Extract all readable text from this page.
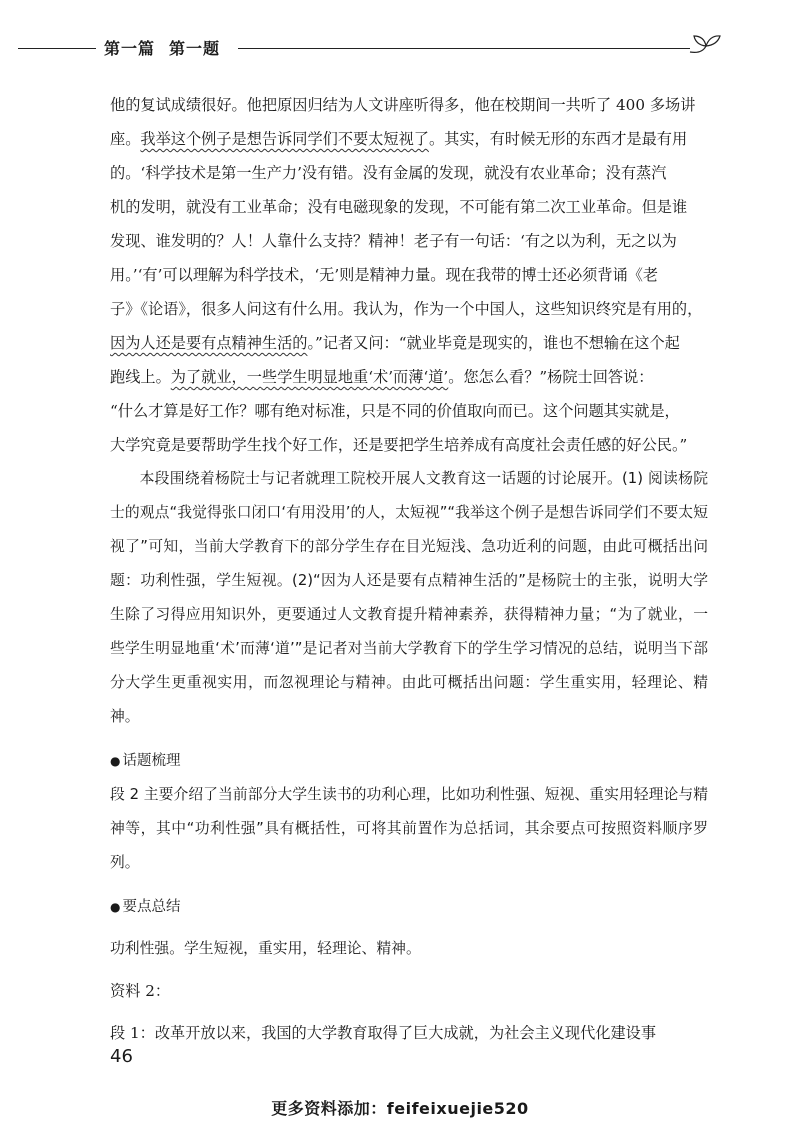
第一篇 第一题

他的复试成绩很好。他把原因归结为人文讲座听得多，他在校期间一共听了 400 多场讲

座。我举这个例子是想告诉同学们不要太短视了。其实，有时候无形的东西才是最有用

的。‘科学技术是第一生产力’没有错。没有金属的发现，就没有农业革命；没有蒸汽

机的发明，就没有工业革命；没有电磁现象的发现，不可能有第二次工业革命。但是谁

发现、谁发明的？人！人靠什么支持？精神！老子有一句话：‘有之以为利，无之以为

用。’‘有’可以理解为科学技术，‘无’则是精神力量。现在我带的博士还必须背诵《老

子》《论语》，很多人问这有什么用。我认为，作为一个中国人，这些知识终究是有用的，

因为人还是要有点精神生活的。”记者又问：“就业毕竟是现实的，谁也不想输在这个起

跑线上。为了就业，一些学生明显地重‘术’而薄‘道’。您怎么看？”杨院士回答说：

“什么才算是好工作？哪有绝对标准，只是不同的价值取向而已。这个问题其实就是，

大学究竟是要帮助学生找个好工作，还是要把学生培养成有高度社会责任感的好公民。”

本段围绕着杨院士与记者就理工院校开展人文教育这一话题的讨论展开。(1) 阅读杨院士的观点“我觉得张口闭口‘有用没用’的人，太短视”“我举这个例子是想告诉同学们不要太短视了”可知，当前大学教育下的部分学生存在目光短浅、急功近利的问题，由此可概括出问题：功利性强，学生短视。(2)“因为人还是要有点精神生活的”是杨院士的主张，说明大学生除了习得应用知识外，更要通过人文教育提升精神素养，获得精神力量；“为了就业，一些学生明显地重‘术’而薄‘道’”是记者对当前大学教育下的学生学习情况的总结，说明当下部分大学生更重视实用，而忽视理论与精神。由此可概括出问题：学生重实用，轻理论、精神。

● 话题梳理

段 2 主要介绍了当前部分大学生读书的功利心理，比如功利性强、短视、重实用轻理论与精神等，其中“功利性强”具有概括性，可将其前置作为总括词，其余要点可按照资料顺序罗列。

● 要点总结

功利性强。学生短视，重实用，轻理论、精神。

资料 2：

段 1：改革开放以来，我国的大学教育取得了巨大成就，为社会主义现代化建设事

46
更多资料添加：feifeixuejie520
